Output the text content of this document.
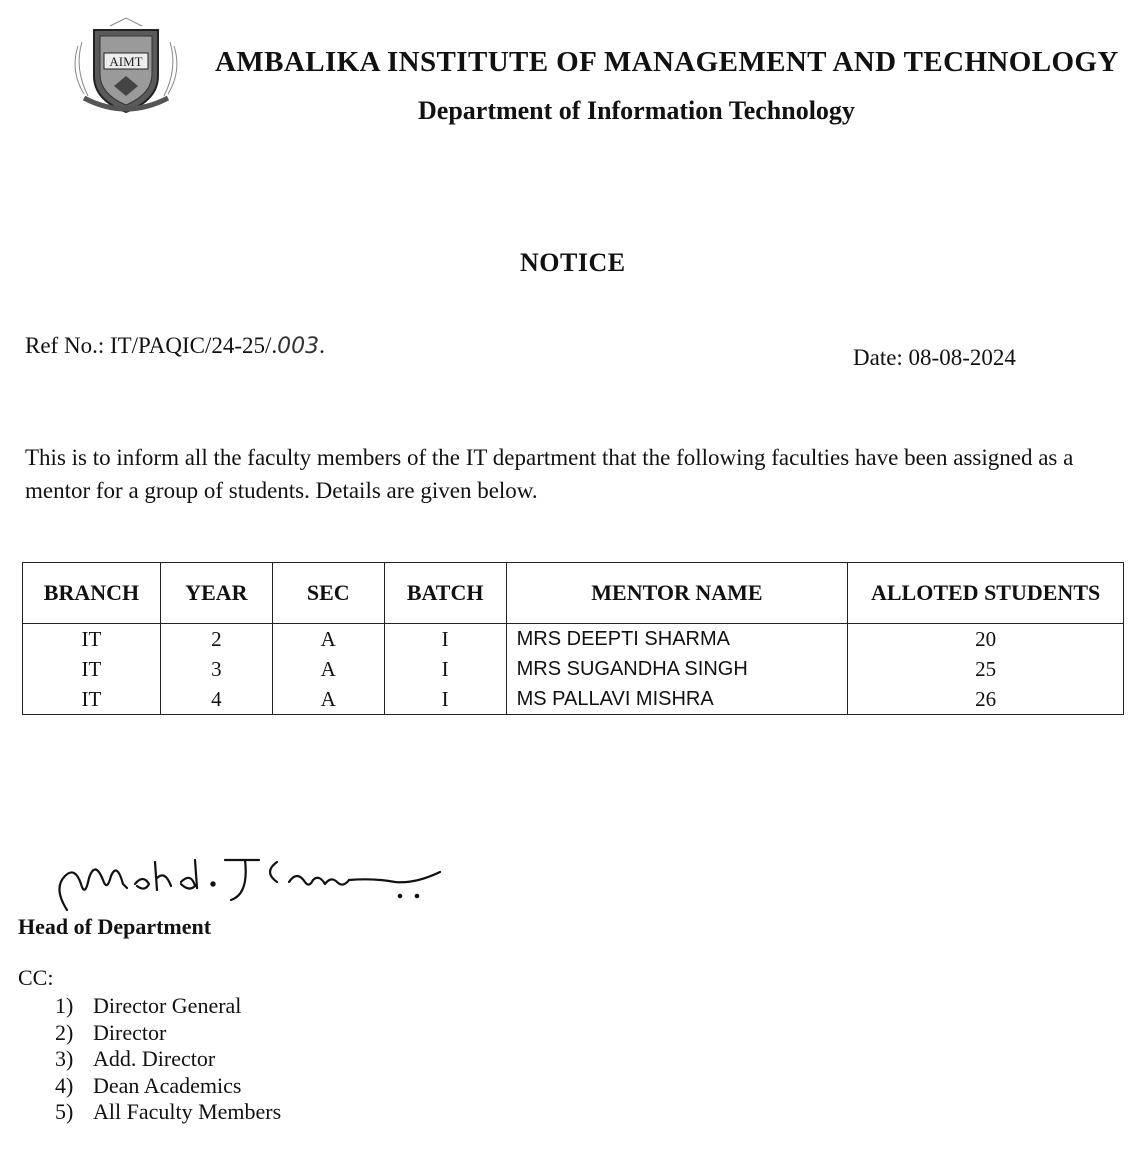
AIMT AMBALIKA INSTITUTE OF MANAGEMENT AND TECHNOLOGY
Department of Information Technology
NOTICE
Ref No.: IT/PAQIC/24-25/.003.	Date: 08-08-2024
This is to inform all the faculty members of the IT department that the following faculties have been assigned as a mentor for a group of students. Details are given below.
BRANCH	YEAR	SEC	BATCH	MENTOR NAME	ALLOTED STUDENTS
IT	2	A	I	MRS DEEPTI SHARMA	20
IT	3	A	I	MRS SUGANDHA SINGH	25
IT	4	A	I	MS PALLAVI MISHRA	26
Head of Department
CC:
1) Director General
2) Director
3) Add. Director
4) Dean Academics
5) All Faculty Members
